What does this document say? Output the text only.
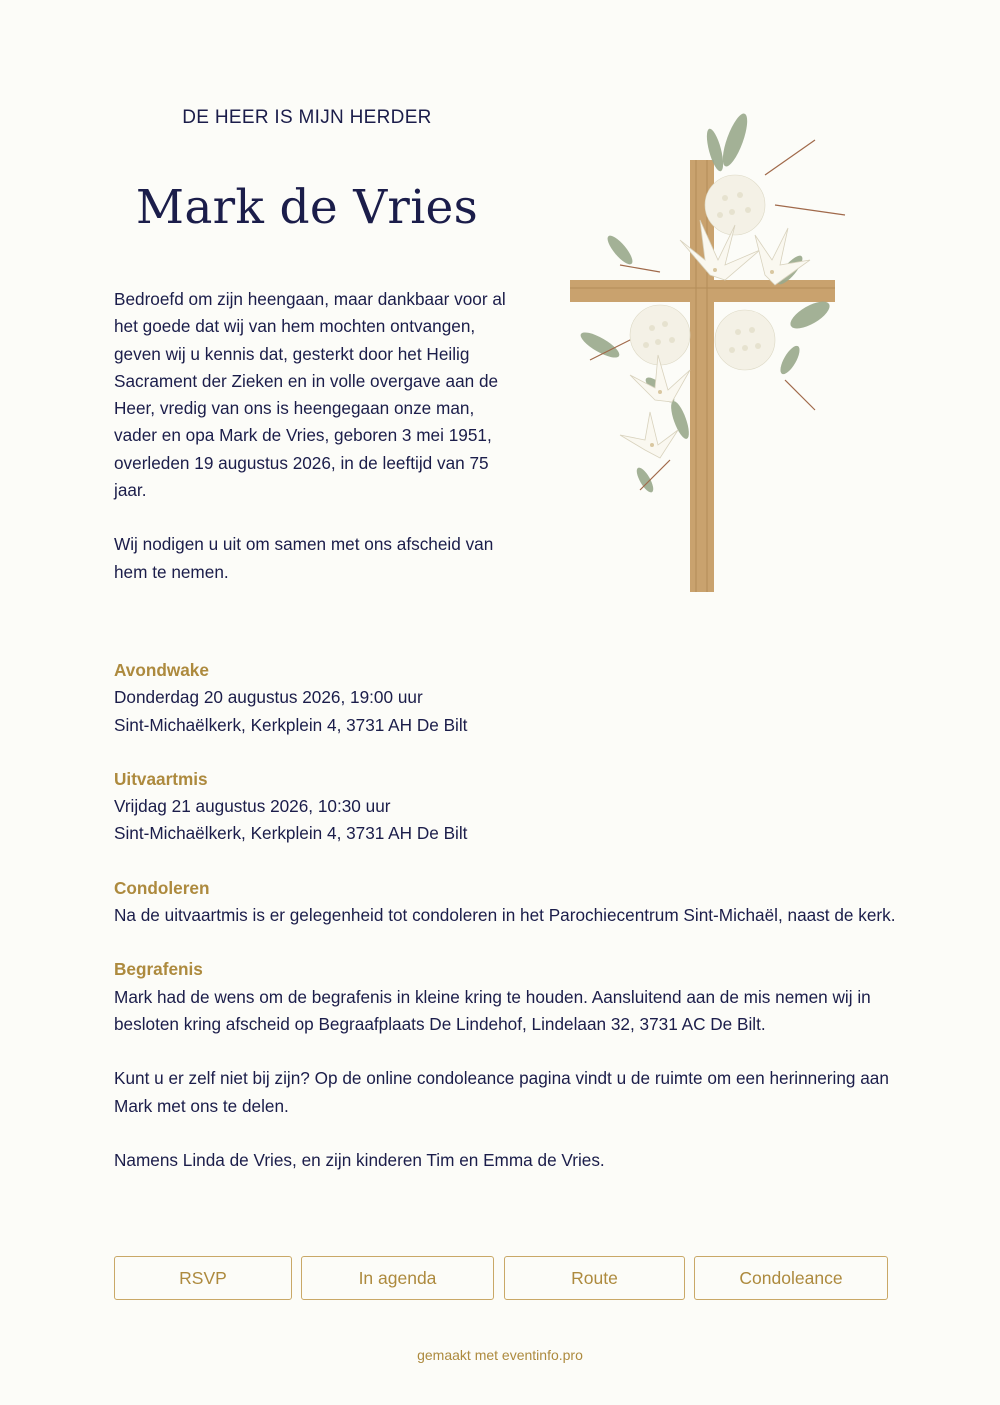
DE HEER IS MIJN HERDER
Mark de Vries

Bedroefd om zijn heengaan, maar dankbaar voor al het goede dat wij van hem mochten ontvangen, geven wij u kennis dat, gesterkt door het Heilig Sacrament der Zieken en in volle overgave aan de Heer, vredig van ons is heengegaan onze man, vader en opa Mark de Vries, geboren 3 mei 1951, overleden 19 augustus 2026, in de leeftijd van 75 jaar.

Wij nodigen u uit om samen met ons afscheid van hem te nemen.

Avondwake
Donderdag 20 augustus 2026, 19:00 uur
Sint-Michaëlkerk, Kerkplein 4, 3731 AH De Bilt
Uitvaartmis
Vrijdag 21 augustus 2026, 10:30 uur
Sint-Michaëlkerk, Kerkplein 4, 3731 AH De Bilt
Condoleren
Na de uitvaartmis is er gelegenheid tot condoleren in het Parochiecentrum Sint-Michaël, naast de kerk.
Begrafenis
Mark had de wens om de begrafenis in kleine kring te houden. Aansluitend aan de mis nemen wij in besloten kring afscheid op Begraafplaats De Lindehof, Lindelaan 32, 3731 AC De Bilt.

Kunt u er zelf niet bij zijn? Op de online condoleance pagina vindt u de ruimte om een herinnering aan Mark met ons te delen.

Namens Linda de Vries, en zijn kinderen Tim en Emma de Vries.

RSVP	In agenda	Route	Condoleance
gemaakt met eventinfo.pro
